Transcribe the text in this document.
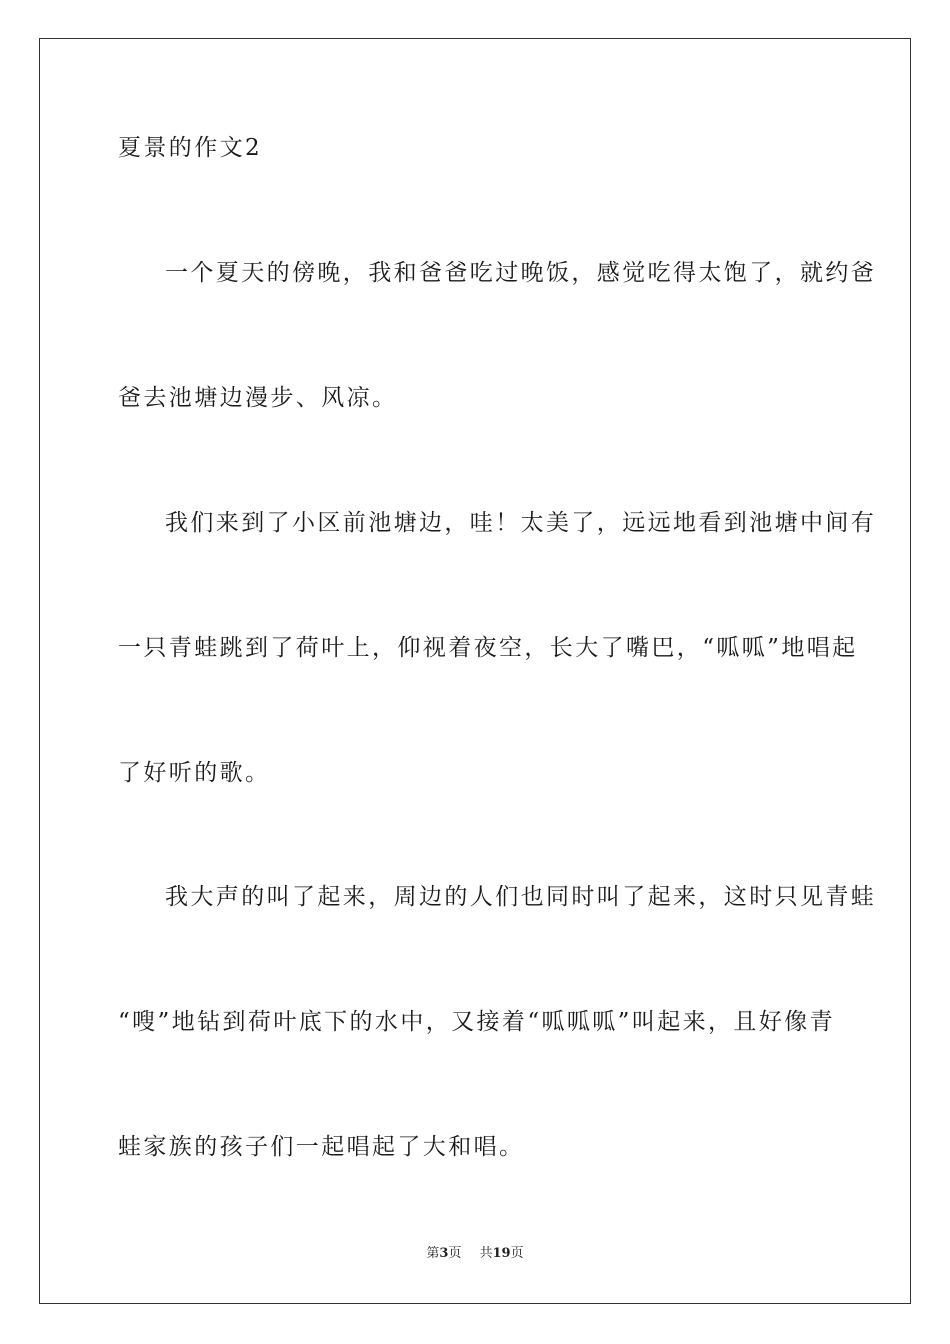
夏景的作文2
一个夏天的傍晚，我和爸爸吃过晚饭，感觉吃得太饱了，就约爸
爸去池塘边漫步、风凉。
我们来到了小区前池塘边，哇！太美了，远远地看到池塘中间有
一只青蛙跳到了荷叶上，仰视着夜空，长大了嘴巴，“呱呱”地唱起
了好听的歌。
我大声的叫了起来，周边的人们也同时叫了起来，这时只见青蛙
“嗖”地钻到荷叶底下的水中，又接着“呱呱呱”叫起来，且好像青
蛙家族的孩子们一起唱起了大和唱。
第3页 共19页
